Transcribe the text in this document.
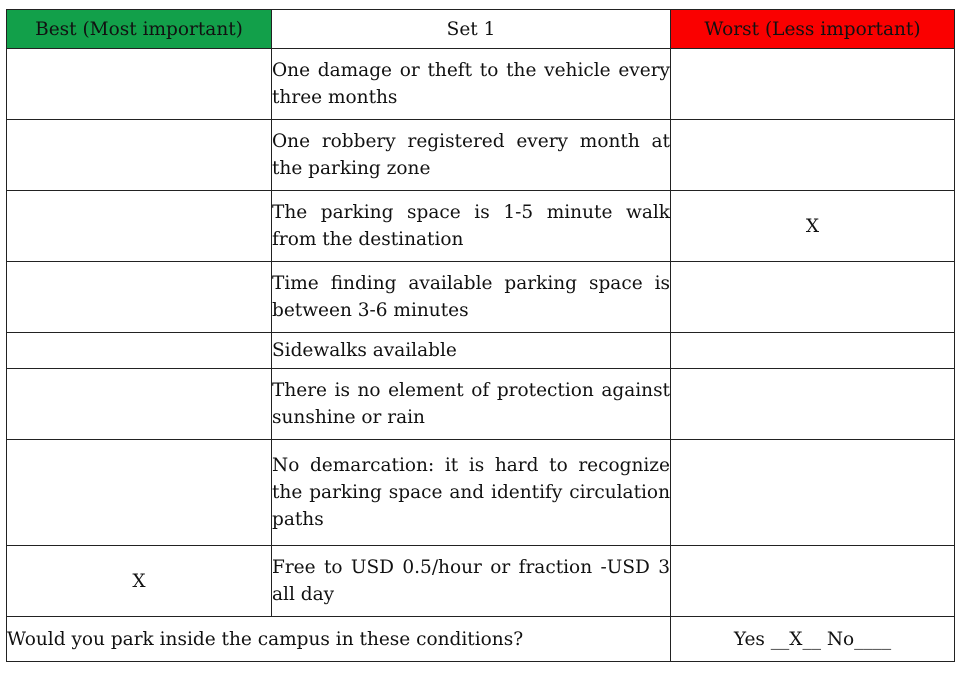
Best (Most important)	Set 1	Worst (Less important)
	One damage or theft to the vehicle every three months	
	One robbery registered every month at the parking zone	
	The parking space is 1-5 minute walk from the destination	X
	Time finding available parking space is between 3-6 minutes	
	Sidewalks available	
	There is no element of protection against sunshine or rain	
	No demarcation: it is hard to recognize the parking space and identify circulation paths	
X	Free to USD 0.5/hour or fraction -USD 3 all day	
Would you park inside the campus in these conditions?		Yes __X__ No____
